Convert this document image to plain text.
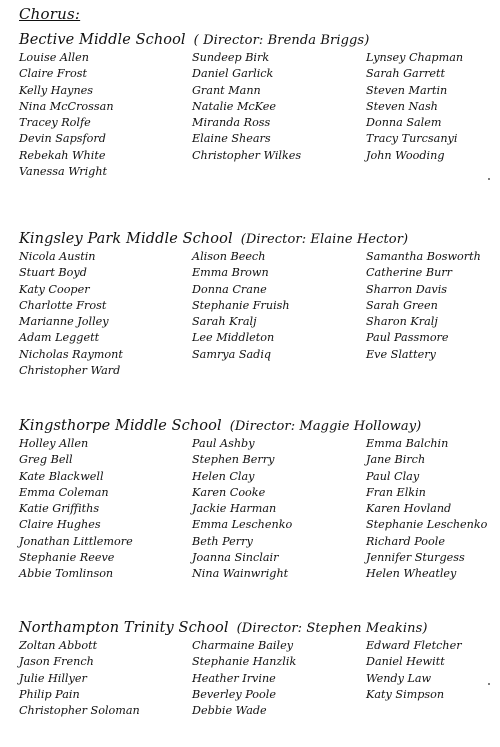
Chorus:
Bective Middle School ( Director: Brenda Briggs)
Louise Allen
Claire Frost
Kelly Haynes
Nina McCrossan
Tracey Rolfe
Devin Sapsford
Rebekah White
Vanessa Wright
Sundeep Birk
Daniel Garlick
Grant Mann
Natalie McKee
Miranda Ross
Elaine Shears
Christopher Wilkes
Lynsey Chapman
Sarah Garrett
Steven Martin
Steven Nash
Donna Salem
Tracy Turcsanyi
John Wooding
Kingsley Park Middle School (Director: Elaine Hector)
Nicola Austin
Stuart Boyd
Katy Cooper
Charlotte Frost
Marianne Jolley
Adam Leggett
Nicholas Raymont
Christopher Ward
Alison Beech
Emma Brown
Donna Crane
Stephanie Fruish
Sarah Kralj
Lee Middleton
Samrya Sadiq
Samantha Bosworth
Catherine Burr
Sharron Davis
Sarah Green
Sharon Kralj
Paul Passmore
Eve Slattery
Kingsthorpe Middle School (Director: Maggie Holloway)
Holley Allen
Greg Bell
Kate Blackwell
Emma Coleman
Katie Griffiths
Claire Hughes
Jonathan Littlemore
Stephanie Reeve
Abbie Tomlinson
Paul Ashby
Stephen Berry
Helen Clay
Karen Cooke
Jackie Harman
Emma Leschenko
Beth Perry
Joanna Sinclair
Nina Wainwright
Emma Balchin
Jane Birch
Paul Clay
Fran Elkin
Karen Hovland
Stephanie Leschenko
Richard Poole
Jennifer Sturgess
Helen Wheatley
Northampton Trinity School (Director: Stephen Meakins)
Zoltan Abbott
Jason French
Julie Hillyer
Philip Pain
Christopher Soloman
Charmaine Bailey
Stephanie Hanzlik
Heather Irvine
Beverley Poole
Debbie Wade
Edward Fletcher
Daniel Hewitt
Wendy Law
Katy Simpson
